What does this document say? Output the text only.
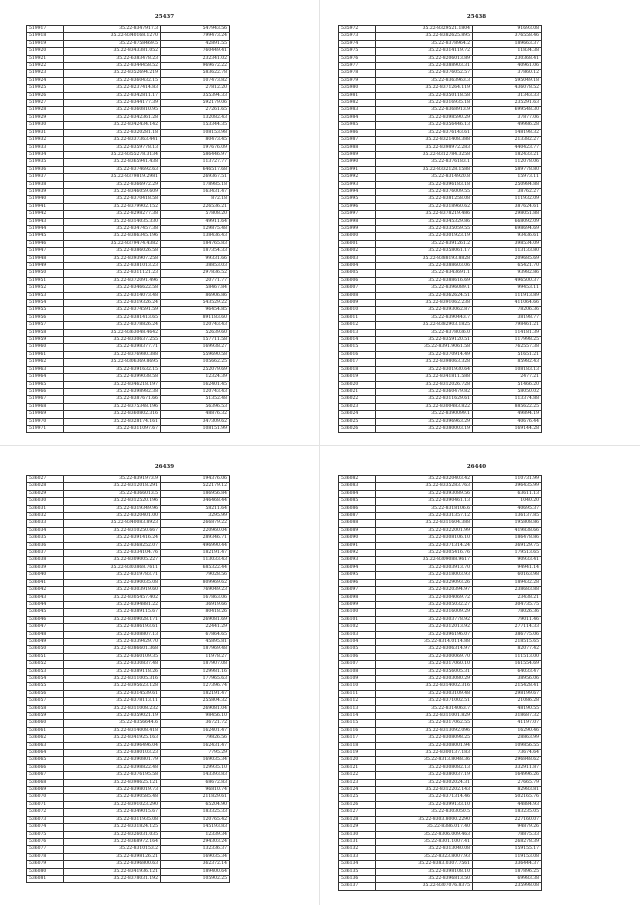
25437
519917	35.22-8347917.3	547943.56
519918	35.22-8340168.1270	799473.24
519919	35.22-8758469.5	42891.55
519920	35.22-8343381.052	760449.41
519921	35.22-6383478.23	232341.02
519922	35.22-8344458.52	969672.22
519923	35.22-8352694.219	583622.78
519924	35.22-8360432.15	107473.82
519925	35.22-8237414.83	27812.20
519926	35.22-8342811.17	355394.33
519927	35.22-8344177.39	592179.06
519928	35.22-8360810.95	27261.65
519929	35.22-8342361.28	132082.43
519930	35.22-8342434.142	153344.35
519931	35.22-8320281.18	108153.98
519932	35.22-8337363.441	80473.45
519933	35.22-8359778.13	197676.09
519934	35.22-8355278.3134	586446.97
519935	35.22-8365941.438	113727.77
519936	35.22-8374692.63	646517.68
519937	35.22-8379819.2981	269367.51
519938	35.22-8366972.29	178985.18
519939	35.22-8346059.609	163431.47
519940	35.22-8370418.58	872.18
519941	35.22-8379902.152	226536.21
519942	35.22-8298277.38	57808.20
519943	35.22-8314035.330	49911.64
519944	35.22-8347457.38	129875.48
519945	35.22-8386345.196	138436.43
519946	35.22-8379474.4382	184765.83
519947	35.22-8386026.58	187354.33
519948	35.22-8393907.258	99331.66
519949	35.22-8381013.23	38853.03
519950	35.22-8311121.23	297836.52
519951	35.22-8372091.496	20771.77
519952	35.22-8346622.58	58467.84
519953	35.22-8314073.48	86906.86
519954	35.22-8319326.24	543529.22
519955	35.22-8374591.59	96454.85
519956	35.22-8381413.65	891183.60
519957	35.22-8378826.24	120743.43
519958	35.22-8363048.4642	52639.60
519959	35.22-8330637.255	157711.58
519960	35.22-8398377.71	169938.27
519961	35.22-8376980.388	559690.58
519962	35.22-8306369.8695	105662.25
519963	35.22-8391632.15	252079.69
519964	35.22-8399038.58	12324.39
519965	35.22-8346218.197	162401.45
519966	35.22-8398982.38	120743.43
519967	35.22-8387671.66	51352.48
519968	35.22-8375348.196	56396.53
519969	35.22-8360802.316	48876.32
519970	35.22-8328174.161	347309.62
519971	35.22-8311097.67	108151.99
25438
535972	35.22-8329521.1804	91693.08
535973	35.22-8382625.895	376558.46
535974	35.22-8378964.2	189663.37
535975	35.22-8314119.72	11834.38
535976	35.22-8206013.89	230368.41
535977	35.22-8388903.31	40961.06
535978	35.22-8376052.57	37860.12
535979	35.22-8363963.3	595049.18
535980	35.22-8371264.119	436078.52
535981	35.22-8350118.58	31343.33
535982	35.22-8316935.18	235291.63
535983	35.22-8368913.9	699548.30
535984	35.22-8398590.29	37877.06
535985	35.22-8356446.13	49986.28
535986	35.22-8376143.61	148198.32
535987	35.22-8321408.388	213382.27
535988	35.22-8398972.283	440423.77
535989	35.22-8312784.3258	182433.21
535990	35.22-8376183.1	112078.06
535991	35.22-8332128.1588	589778.80
535992	35.22-8314920.8	15973.11
535993	35.22-8396183.18	250984.88
535994	35.22-8376009.55	38762.27
535995	35.22-8381258.08	111932.09
535996	35.22-8318960.62	387624.61
535997	35.22-8378219.486	298051.88
535998	35.22-8345329.86	668092.09
535999	35.22-8335059.55	698694.69
536000	35.22-8301923.19	93436.61
536001	35.22-8391261.2	398534.09
536002	35.22-8358061.17	113133.80
536003	35.22-8388193.8828	209685.69
536004	35.22-8388603.06	65421.70
536005	35.22-8343691.1	93982.86
536006	35.22-8388616.69	496500.37
536007	35.22-8396089.1	99453.11
536008	35.22-8362624.51	111913.89
536009	35.22-8391062.238	411064.66
536010	35.22-8393062.87	78206.36
536011	35.22-8390443.7	38198.77
536012	35.22-8382903.1825	798461.21
536013	35.22-8378036.0	114181.39
536014	35.22-8359120.51	117998.25
536015	35.22-8391.9061.58	762557.38
536016	35.22-8370914.49	51651.21
536017	35.22-8398063.328	85982.43
536018	35.22-8301930.64	108183.13
536019	35.22-8341811.588	2477.21
536020	35.22-8312026.728	51466.20
536021	35.22-8360479.82	58050.02
536022	35.22-8311629.61	113374.88
536023	35.22-8300483.822	885622.25
536024	35.22-8390099.1	49894.19
536025	35.22-8396963.29	40676.44
536026	35.22-8380003.19	169144.28
26439
536027	35.22-8391973.9	194376.06
536028	35.22-8312018.291	522179.12
536029	35.22-8366013.5	186956.84
536030	35.22-8312520.196	346468.44
536031	35.22-8319349.96	58211.64
536032	35.22-8320401.00	3295.99
536033	35.22-8340083.8923	266879.22
536034	35.22-8310250.667	220960.04
536035	35.22-8391416.24	289346.71
536036	35.22-8368252.07	496990.44
536037	35.22-8334104.76	182191.47
536038	35.22-8309005.227	113033.43
536039	35.22-8303868.7611	685322.44
536040	35.22-8319783.71	79028.56
536041	35.22-8390035.08	809969.62
536042	35.22-8303919.60	769049.23
536043	35.22-8305457.402	167863.06
536044	35.22-8394881.22	36919.66
536045	35.22-8389115.67	80418.26
536046	35.22-8309028.171	269081.69
536047	35.22-8386193.61	22441.29
536048	35.22-8308807.13	67864.65
536049	35.22-8339429.70	45895.81
536050	35.22-8386601.368	187969.48
536051	35.22-8360109.35	11978.27
536052	35.22-8330837.48	187907.08
536053	35.22-8389118.26	129981.16
536054	35.22-8311005.316	177965.63
536055	35.22-8395623.128	127396.74
536056	35.22-8314539.61	182191.47
536057	35.22-8378113.11	255804.32
536058	35.22-8311008.232	269081.04
536059	35.22-8359021.19	98456.10
536060	35.22-8356644.6	36721.72
536061	35.22-8314008.418	162401.47
536062	35.22-8341925.163	79826.56
536063	35.22-8396496.04	162431.47
536064	35.22-8380103.23	7795.29
536065	35.22-8390801.79	169035.34
536066	35.22-8398822.48	129935.10
536067	35.22-8376195.58	143393.83
536068	35.22-8398625.121	68672.83
536069	35.22-8398019.73	96810.74
536070	35.22-8390585.48	211829.61
536071	35.22-8391023.290	65204.90
536072	35.22-8349015.67	183325.33
536073	35.22-8311935.08	120765.42
536074	35.22-8331824.125	145193.83
536075	35.22-8326031.035	12339.34
536076	35.22-8368972.164	294303.24
536077	35.22-8310153.2	132336.37
536078	35.22-8398126.21	169035.34
536079	35.22-8396800.63	362372.14
536080	35.22-8341936.121	189400.64
536081	35.22-8378031.192	105902.25
26440
536082	35.22-8320403.42	110731.99
536083	35.22-8335283.763	396435.99
536084	35.22-8393089.56	63611.13
536085	35.22-8390461.13	1040.20
536086	35.22-8318106.6	40695.37
536087	35.22-8331357.12	136137.85
536088	35.22-8311604.388	195808.86
536089	35.22-8322001.99	419838.66
536090	35.22-8308106.10	186478.86
536091	35.22-8371314.24	369129.75
536092	35.22-8305416.76	179513.65
536093	35.22-8309088.9617	90933.41
536094	35.22-8303913.70	94941.14
536095	35.22-8318003.93	60163.98
536096	35.22-8329093.26	189432.28
536097	35.22-8320394.97	238683.88
536098	35.22-8304069.72	23438.21
536099	35.22-8305032.27	304735.75
536100	35.22-8316009.29	78026.36
536101	35.22-8303778.92	79011.46
536102	35.22-8312013.92	277114.33
536103	35.22-8396196.07	386775.06
536104	35.22-8314.0114.88	218515.65
536105	35.22-8306314.97	82077.42
536106	35.22-8300069.70	111513.00
536107	35.22-8317060.10	161554.69
536108	35.22-8356005.31	64033.47
536109	35.22-8303080.29	38956.06
536110	35.22-8314002.316	215428.41
536111	35.22-8303109.48	298199.67
536112	35.22-8371002.51	21086.28
536113	35.22-8314063.7	48190.55
536114	35.22-8311001.829	318687.32
536115	35.22-8317062.55	41197.07
536116	35.22-8313092.096	16290.46
536117	35.22-8308098.25	28863.99
536118	35.22-8308001.94	109856.55
536119	35.22-8300137.183	73674.64
536120	35.22-8313.8048.36	296848.62
536121	35.22-8308082.13	332911.87
536122	35.22-8380037.19	164996.26
536123	35.22-8302024.31	27665.79
536124	35.22-8312202.143	82983.81
536125	35.22-8371314.46	502165.76
536126	35.22-8399133.10	44884.93
536127	35.22-8303050.5	183235.05
536128	35.22-8303.8000.2290	227160.07
536129	35.22-8386.017.40	94879.26
536130	35.22-8306.009.463	78875.33
536131	35.22-8301.1007.41	268278.39
536132	35.22-8313040.08	159155.17
536133	35.22-8323.8007.93	119153.08
536134	35.22-8383.0307.7561	336444.37
536135	35.22-8398108.10	187896.25
536136	35.22-8396813.50	69983.38
536137	35.22-8307076.8375	235998.08
